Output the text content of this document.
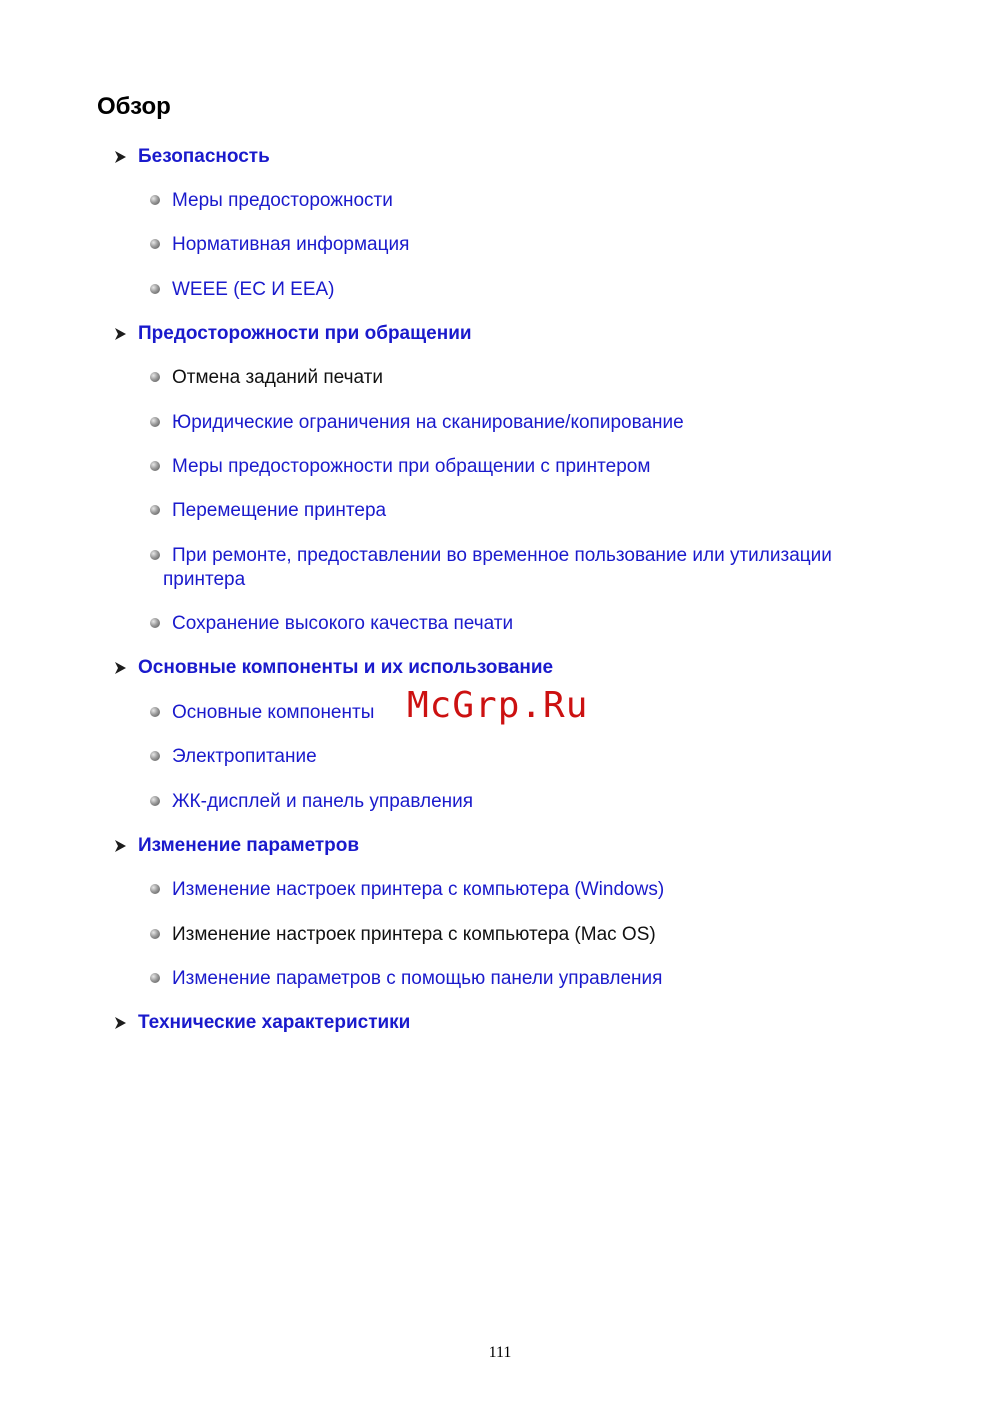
Обзор
Безопасность
Меры предосторожности
Нормативная информация
WEEE (EC И EEA)
Предосторожности при обращении
Отмена заданий печати
Юридические ограничения на сканирование/копирование
Меры предосторожности при обращении с принтером
Перемещение принтера
При ремонте, предоставлении во временное пользование или утилизации
принтера
Сохранение высокого качества печати
Основные компоненты и их использование
Основные компоненты
Электропитание
ЖК-дисплей и панель управления
Изменение параметров
Изменение настроек принтера с компьютера (Windows)
Изменение настроек принтера с компьютера (Mac OS)
Изменение параметров с помощью панели управления
Технические характеристики
McGrp.Ru
111
